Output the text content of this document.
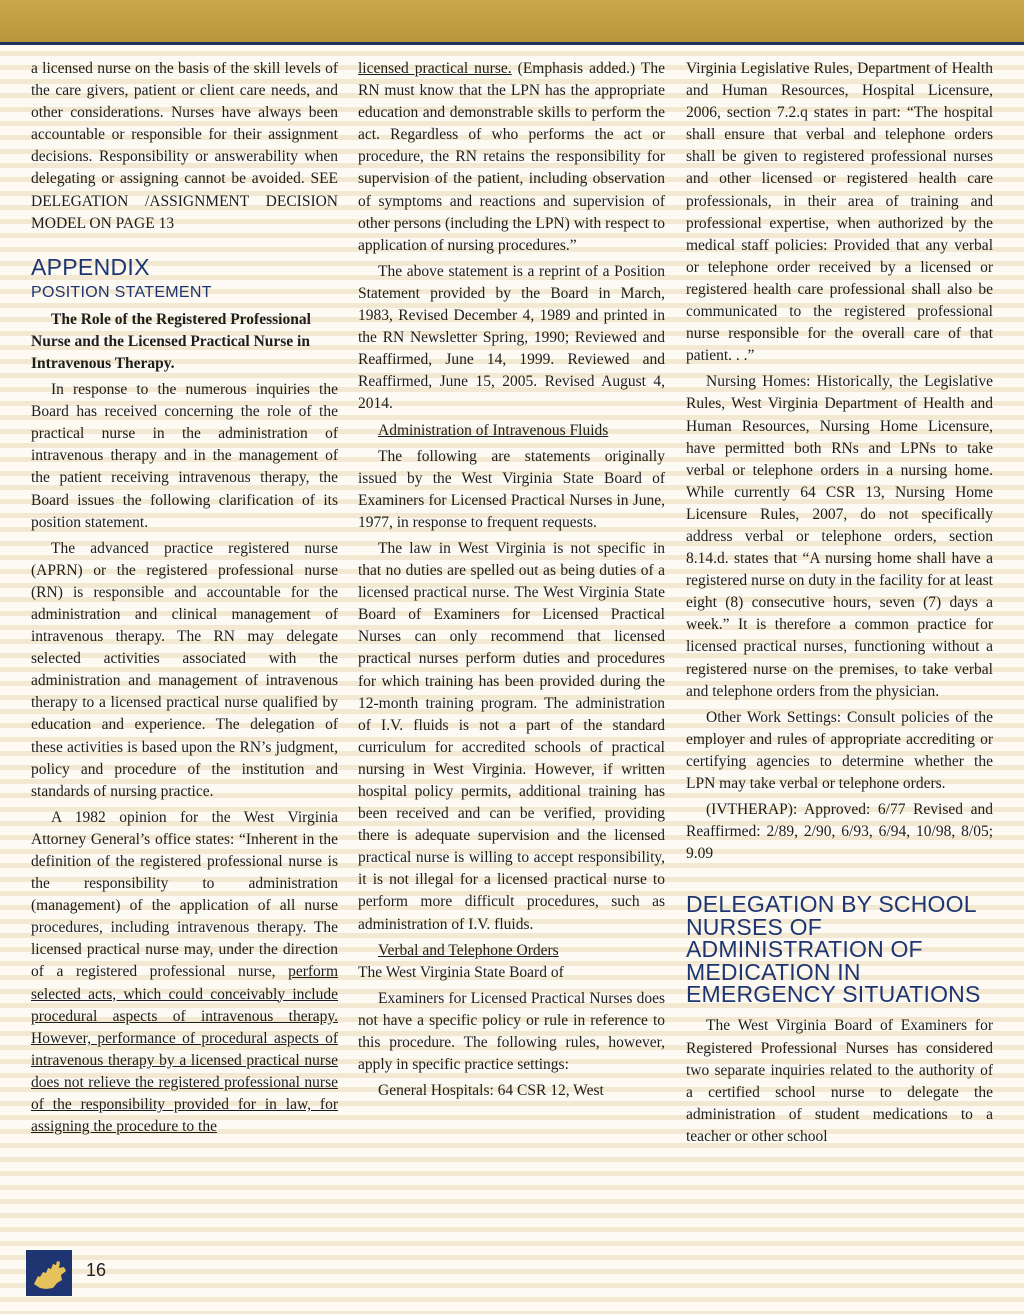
a licensed nurse on the basis of the skill levels of the care givers, patient or client care needs, and other considerations. Nurses have always been accountable or responsible for their assignment decisions. Responsibility or answerability when delegating or assigning cannot be avoided. SEE DELEGATION /ASSIGNMENT DECISION MODEL ON PAGE 13

APPENDIX
POSITION STATEMENT

The Role of the Registered Professional Nurse and the Licensed Practical Nurse in Intravenous Therapy.

In response to the numerous inquiries the Board has received concerning the role of the practical nurse in the administration of intravenous therapy and in the management of the patient receiving intravenous therapy, the Board issues the following clarification of its position statement.

The advanced practice registered nurse (APRN) or the registered professional nurse (RN) is responsible and accountable for the administration and clinical management of intravenous therapy. The RN may delegate selected activities associated with the administration and management of intravenous therapy to a licensed practical nurse qualified by education and experience. The delegation of these activities is based upon the RN’s judgment, policy and procedure of the institution and standards of nursing practice.

A 1982 opinion for the West Virginia Attorney General’s office states: “Inherent in the definition of the registered professional nurse is the responsibility to administration (management) of the application of all nurse procedures, including intravenous therapy. The licensed practical nurse may, under the direction of a registered professional nurse, perform selected acts, which could conceivably include procedural aspects of intravenous therapy. However, performance of procedural aspects of intravenous therapy by a licensed practical nurse does not relieve the registered professional nurse of the responsibility provided for in law, for assigning the procedure to the

licensed practical nurse. (Emphasis added.) The RN must know that the LPN has the appropriate education and demonstrable skills to perform the act. Regardless of who performs the act or procedure, the RN retains the responsibility for supervision of the patient, including observation of symptoms and reactions and supervision of other persons (including the LPN) with respect to application of nursing procedures.”

The above statement is a reprint of a Position Statement provided by the Board in March, 1983, Revised December 4, 1989 and printed in the RN Newsletter Spring, 1990; Reviewed and Reaffirmed, June 14, 1999. Reviewed and Reaffirmed, June 15, 2005. Revised August 4, 2014.

Administration of Intravenous Fluids

The following are statements originally issued by the West Virginia State Board of Examiners for Licensed Practical Nurses in June, 1977, in response to frequent requests.

The law in West Virginia is not specific in that no duties are spelled out as being duties of a licensed practical nurse. The West Virginia State Board of Examiners for Licensed Practical Nurses can only recommend that licensed practical nurses perform duties and procedures for which training has been provided during the 12-month training program. The administration of I.V. fluids is not a part of the standard curriculum for accredited schools of practical nursing in West Virginia. However, if written hospital policy permits, additional training has been received and can be verified, providing there is adequate supervision and the licensed practical nurse is willing to accept responsibility, it is not illegal for a licensed practical nurse to perform more difficult procedures, such as administration of I.V. fluids.

Verbal and Telephone Orders

The West Virginia State Board of

Examiners for Licensed Practical Nurses does not have a specific policy or rule in reference to this procedure. The following rules, however, apply in specific practice settings:

General Hospitals: 64 CSR 12, West

Virginia Legislative Rules, Department of Health and Human Resources, Hospital Licensure, 2006, section 7.2.q states in part: “The hospital shall ensure that verbal and telephone orders shall be given to registered professional nurses and other licensed or registered health care professionals, in their area of training and professional expertise, when authorized by the medical staff policies: Provided that any verbal or telephone order received by a licensed or registered health care professional shall also be communicated to the registered professional nurse responsible for the overall care of that patient. . .”

Nursing Homes: Historically, the Legislative Rules, West Virginia Department of Health and Human Resources, Nursing Home Licensure, have permitted both RNs and LPNs to take verbal or telephone orders in a nursing home. While currently 64 CSR 13, Nursing Home Licensure Rules, 2007, do not specifically address verbal or telephone orders, section 8.14.d. states that “A nursing home shall have a registered nurse on duty in the facility for at least eight (8) consecutive hours, seven (7) days a week.” It is therefore a common practice for licensed practical nurses, functioning without a registered nurse on the premises, to take verbal and telephone orders from the physician.

Other Work Settings: Consult policies of the employer and rules of appropriate accrediting or certifying agencies to determine whether the LPN may take verbal or telephone orders.

(IVTHERAP): Approved: 6/77 Revised and Reaffirmed: 2/89, 2/90, 6/93, 6/94, 10/98, 8/05; 9.09

DELEGATION BY SCHOOL NURSES OF ADMINISTRATION OF MEDICATION IN EMERGENCY SITUATIONS

The West Virginia Board of Examiners for Registered Professional Nurses has considered two separate inquiries related to the authority of a certified school nurse to delegate the administration of student medications to a teacher or other school

16
